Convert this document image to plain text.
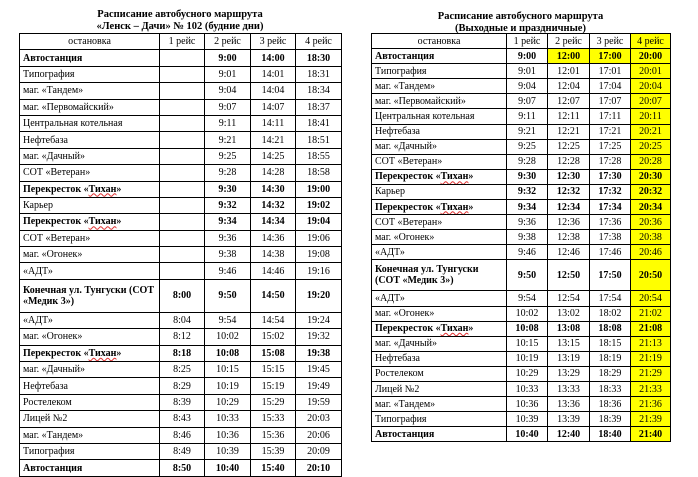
Расписание автобусного маршрута
«Ленск – Дачи» № 102 (будние дни)
остановка	1 рейс	2 рейс	3 рейс	4 рейс
Автостанция		9:00	14:00	18:30
Типография		9:01	14:01	18:31
маг. «Тандем»		9:04	14:04	18:34
маг. «Первомайский»		9:07	14:07	18:37
Центральная котельная		9:11	14:11	18:41
Нефтебаза		9:21	14:21	18:51
маг. «Дачный»		9:25	14:25	18:55
СОТ «Ветеран»		9:28	14:28	18:58
Перекресток «Тихан»		9:30	14:30	19:00
Карьер		9:32	14:32	19:02
Перекресток «Тихан»		9:34	14:34	19:04
СОТ «Ветеран»		9:36	14:36	19:06
маг. «Огонек»		9:38	14:38	19:08
«АДТ»		9:46	14:46	19:16
Конечная ул. Тунгуски (СОТ «Медик 3»)	8:00	9:50	14:50	19:20
«АДТ»	8:04	9:54	14:54	19:24
маг. «Огонек»	8:12	10:02	15:02	19:32
Перекресток «Тихан»	8:18	10:08	15:08	19:38
маг. «Дачный»	8:25	10:15	15:15	19:45
Нефтебаза	8:29	10:19	15:19	19:49
Ростелеком	8:39	10:29	15:29	19:59
Лицей №2	8:43	10:33	15:33	20:03
маг. «Тандем»	8:46	10:36	15:36	20:06
Типография	8:49	10:39	15:39	20:09
Автостанция	8:50	10:40	15:40	20:10
Расписание автобусного маршрута
(Выходные и праздничные)
остановка	1 рейс	2 рейс	3 рейс	4 рейс
Автостанция	9:00	12:00	17:00	20:00
Типография	9:01	12:01	17:01	20:01
маг. «Тандем»	9:04	12:04	17:04	20:04
маг. «Первомайский»	9:07	12:07	17:07	20:07
Центральная котельная	9:11	12:11	17:11	20:11
Нефтебаза	9:21	12:21	17:21	20:21
маг. «Дачный»	9:25	12:25	17:25	20:25
СОТ «Ветеран»	9:28	12:28	17:28	20:28
Перекресток «Тихан»	9:30	12:30	17:30	20:30
Карьер	9:32	12:32	17:32	20:32
Перекресток «Тихан»	9:34	12:34	17:34	20:34
СОТ «Ветеран»	9:36	12:36	17:36	20:36
маг. «Огонек»	9:38	12:38	17:38	20:38
«АДТ»	9:46	12:46	17:46	20:46
Конечная ул. Тунгуски (СОТ «Медик 3»)	9:50	12:50	17:50	20:50
«АДТ»	9:54	12:54	17:54	20:54
маг. «Огонек»	10:02	13:02	18:02	21:02
Перекресток «Тихан»	10:08	13:08	18:08	21:08
маг. «Дачный»	10:15	13:15	18:15	21:13
Нефтебаза	10:19	13:19	18:19	21:19
Ростелеком	10:29	13:29	18:29	21:29
Лицей №2	10:33	13:33	18:33	21:33
маг. «Тандем»	10:36	13:36	18:36	21:36
Типография	10:39	13:39	18:39	21:39
Автостанция	10:40	12:40	18:40	21:40
